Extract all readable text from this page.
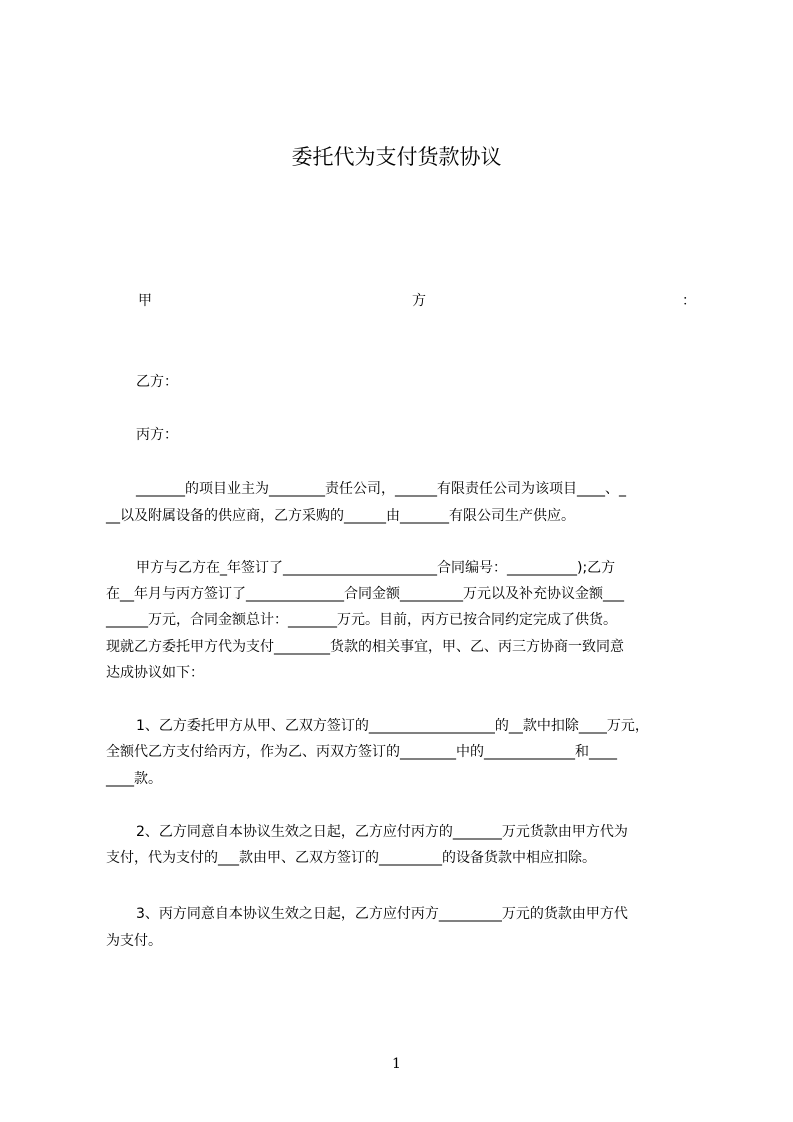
委托代为支付货款协议
甲	方	：
乙方：
丙方：
_______的项目业主为________责任公司，______有限责任公司为该项目____、_
__以及附属设备的供应商，乙方采购的______由_______有限公司生产供应。
甲方与乙方在_年签订了______________________合同编号：__________);乙方
在__年月与丙方签订了______________合同金额_________万元以及补充协议金额___
______万元，合同金额总计：_______万元。目前，丙方已按合同约定完成了供货。
现就乙方委托甲方代为支付________货款的相关事宜，甲、乙、丙三方协商一致同意
达成协议如下：
1、乙方委托甲方从甲、乙双方签订的__________________的__款中扣除____万元，
全额代乙方支付给丙方，作为乙、丙双方签订的________中的_____________和____
____款。
2、乙方同意自本协议生效之日起，乙方应付丙方的_______万元货款由甲方代为
支付，代为支付的___款由甲、乙双方签订的_________的设备货款中相应扣除。
3、丙方同意自本协议生效之日起，乙方应付丙方_________万元的货款由甲方代
为支付。
1
